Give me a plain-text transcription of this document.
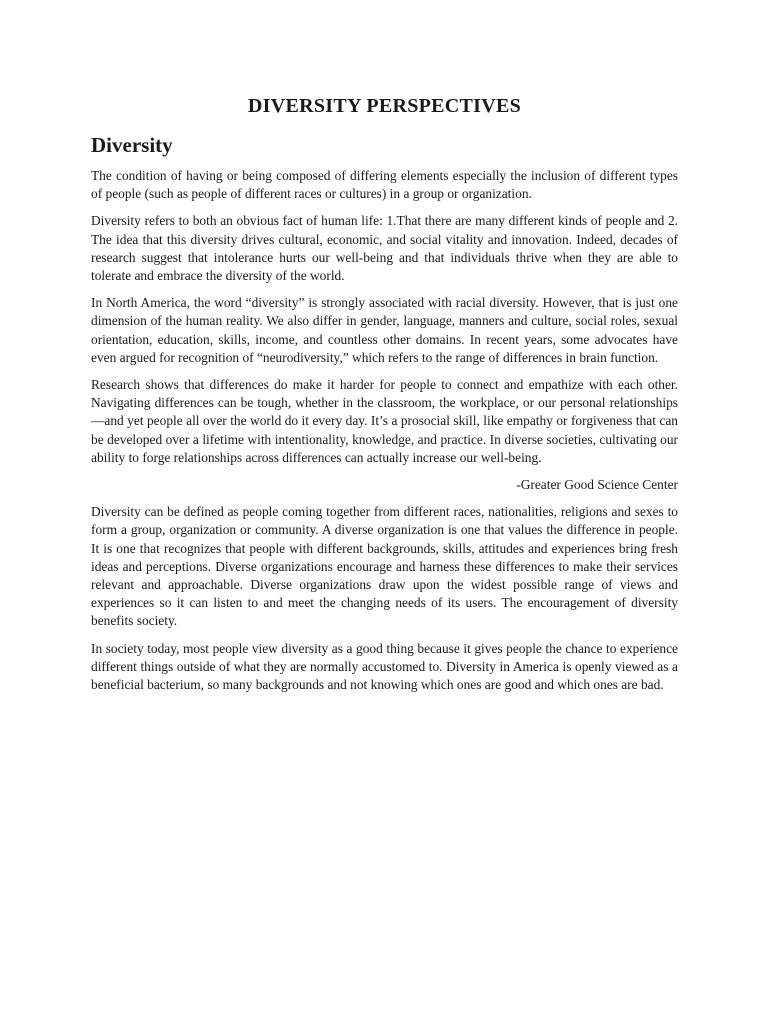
DIVERSITY PERSPECTIVES
Diversity

The condition of having or being composed of differing elements especially the inclusion of different types of people (such as people of different races or cultures) in a group or organization.

Diversity refers to both an obvious fact of human life: 1.That there are many different kinds of people and 2. The idea that this diversity drives cultural, economic, and social vitality and innovation. Indeed, decades of research suggest that intolerance hurts our well-being and that individuals thrive when they are able to tolerate and embrace the diversity of the world.

In North America, the word “diversity” is strongly associated with racial diversity. However, that is just one dimension of the human reality. We also differ in gender, language, manners and culture, social roles, sexual orientation, education, skills, income, and countless other domains. In recent years, some advocates have even argued for recognition of “neurodiversity,” which refers to the range of differences in brain function.

Research shows that differences do make it harder for people to connect and empathize with each other. Navigating differences can be tough, whether in the classroom, the workplace, or our personal relationships—and yet people all over the world do it every day. It’s a prosocial skill, like empathy or forgiveness that can be developed over a lifetime with intentionality, knowledge, and practice. In diverse societies, cultivating our ability to forge relationships across differences can actually increase our well-being.

-Greater Good Science Center

Diversity can be defined as people coming together from different races, nationalities, religions and sexes to form a group, organization or community. A diverse organization is one that values the difference in people. It is one that recognizes that people with different backgrounds, skills, attitudes and experiences bring fresh ideas and perceptions. Diverse organizations encourage and harness these differences to make their services relevant and approachable. Diverse organizations draw upon the widest possible range of views and experiences so it can listen to and meet the changing needs of its users. The encouragement of diversity benefits society.

In society today, most people view diversity as a good thing because it gives people the chance to experience different things outside of what they are normally accustomed to. Diversity in America is openly viewed as a beneficial bacterium, so many backgrounds and not knowing which ones are good and which ones are bad.
